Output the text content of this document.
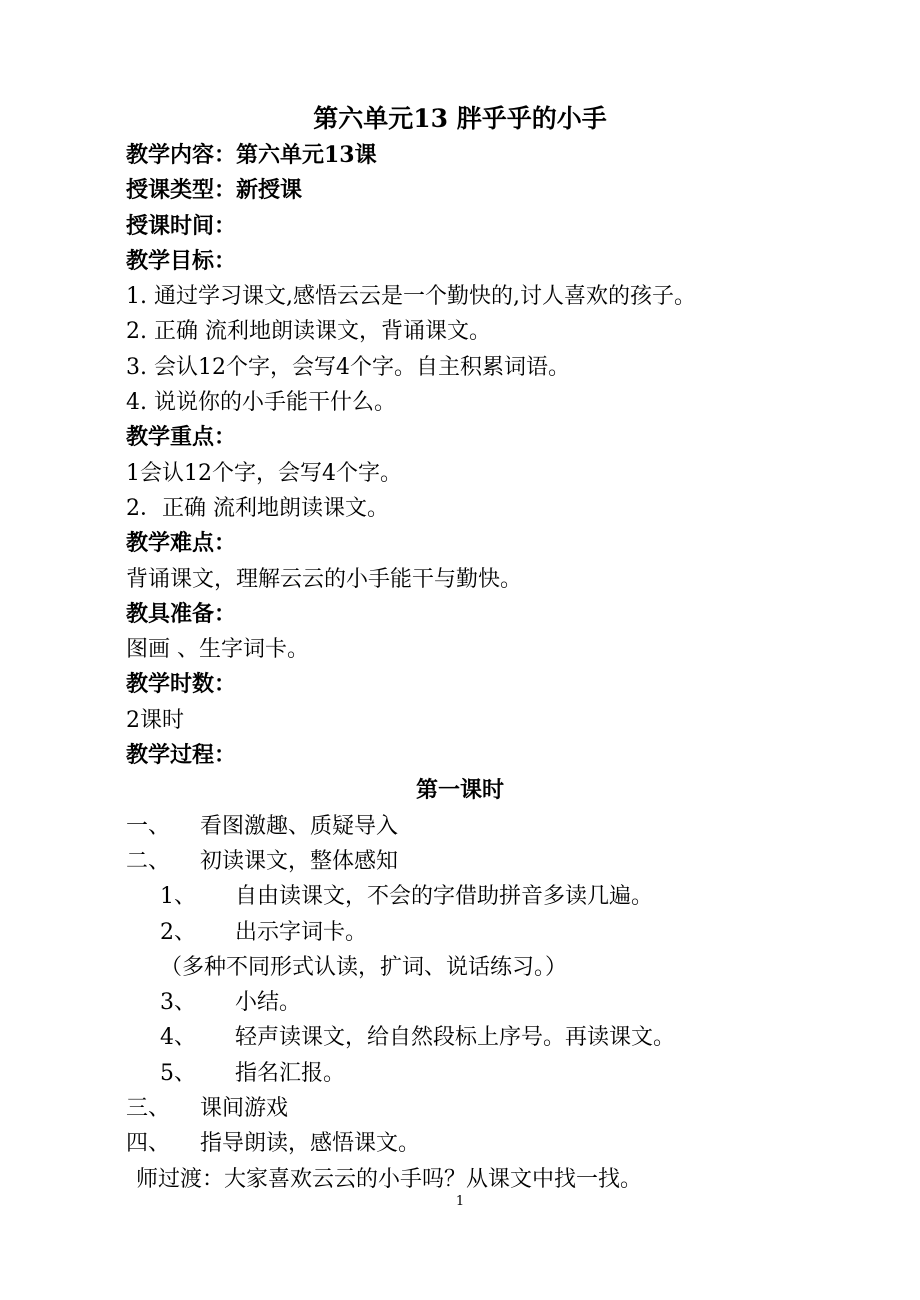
第六单元13 胖乎乎的小手
教学内容：第六单元13课
授课类型：新授课
授课时间：
教学目标：
1. 通过学习课文,感悟云云是一个勤快的,讨人喜欢的孩子。
2. 正确 流利地朗读课文，背诵课文。
3. 会认12个字，会写4个字。自主积累词语。
4. 说说你的小手能干什么。
教学重点：
1会认12个字，会写4个字。
2．正确 流利地朗读课文。
教学难点：
背诵课文，理解云云的小手能干与勤快。
教具准备：
图画 、生字词卡。
教学时数：
2课时
教学过程：
第一课时
一、 看图激趣、质疑导入
二、 初读课文，整体感知
1、 自由读课文，不会的字借助拼音多读几遍。
2、 出示字词卡。
（多种不同形式认读，扩词、说话练习。）
3、 小结。
4、 轻声读课文，给自然段标上序号。再读课文。
5、 指名汇报。
三、 课间游戏
四、 指导朗读，感悟课文。
师过渡：大家喜欢云云的小手吗？从课文中找一找。
1
